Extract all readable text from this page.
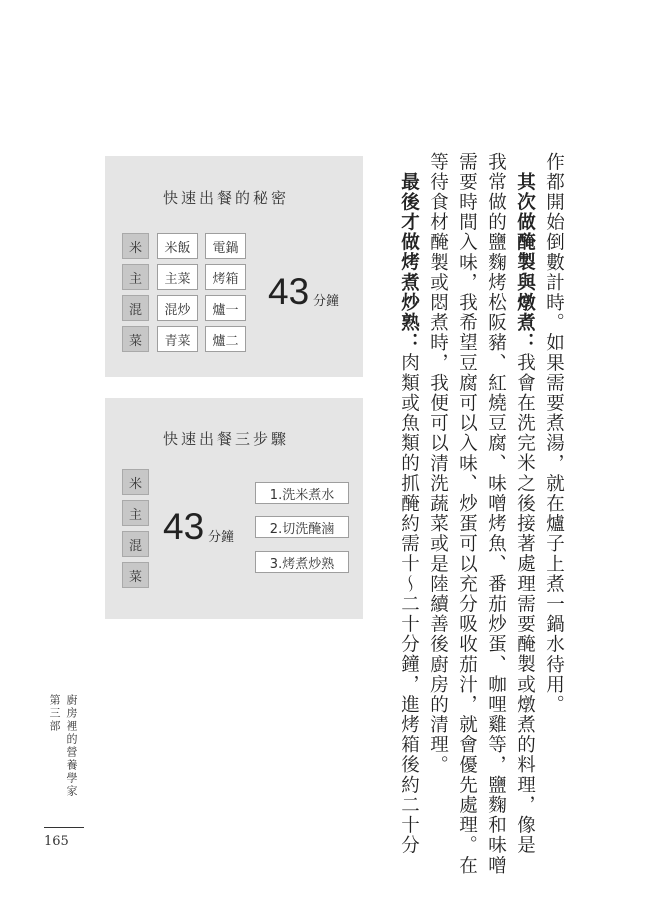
作都開始倒數計時。如果需要煮湯，就在爐子上煮一鍋水待用。
其次做醃製與燉煮：我會在洗完米之後接著處理需要醃製或燉煮的料理，像是
我常做的鹽麴烤松阪豬、紅燒豆腐、味噌烤魚、番茄炒蛋、咖哩雞等，鹽麴和味噌
需要時間入味，我希望豆腐可以入味、炒蛋可以充分吸收茄汁，就會優先處理。在
等待食材醃製或悶煮時，我便可以清洗蔬菜或是陸續善後廚房的清理。
最後才做烤煮炒熟：肉類或魚類的抓醃約需十～二十分鐘，進烤箱後約二十分
快速出餐的秘密
米
主
混
菜
米飯
主菜
混炒
青菜
電鍋
烤箱
爐一
爐二
43 分鐘
快速出餐三步驟
米
主
混
菜
43 分鐘
1.洗米煮水
2.切洗醃滷
3.烤煮炒熟
第三部 廚房裡的營養學家
165
